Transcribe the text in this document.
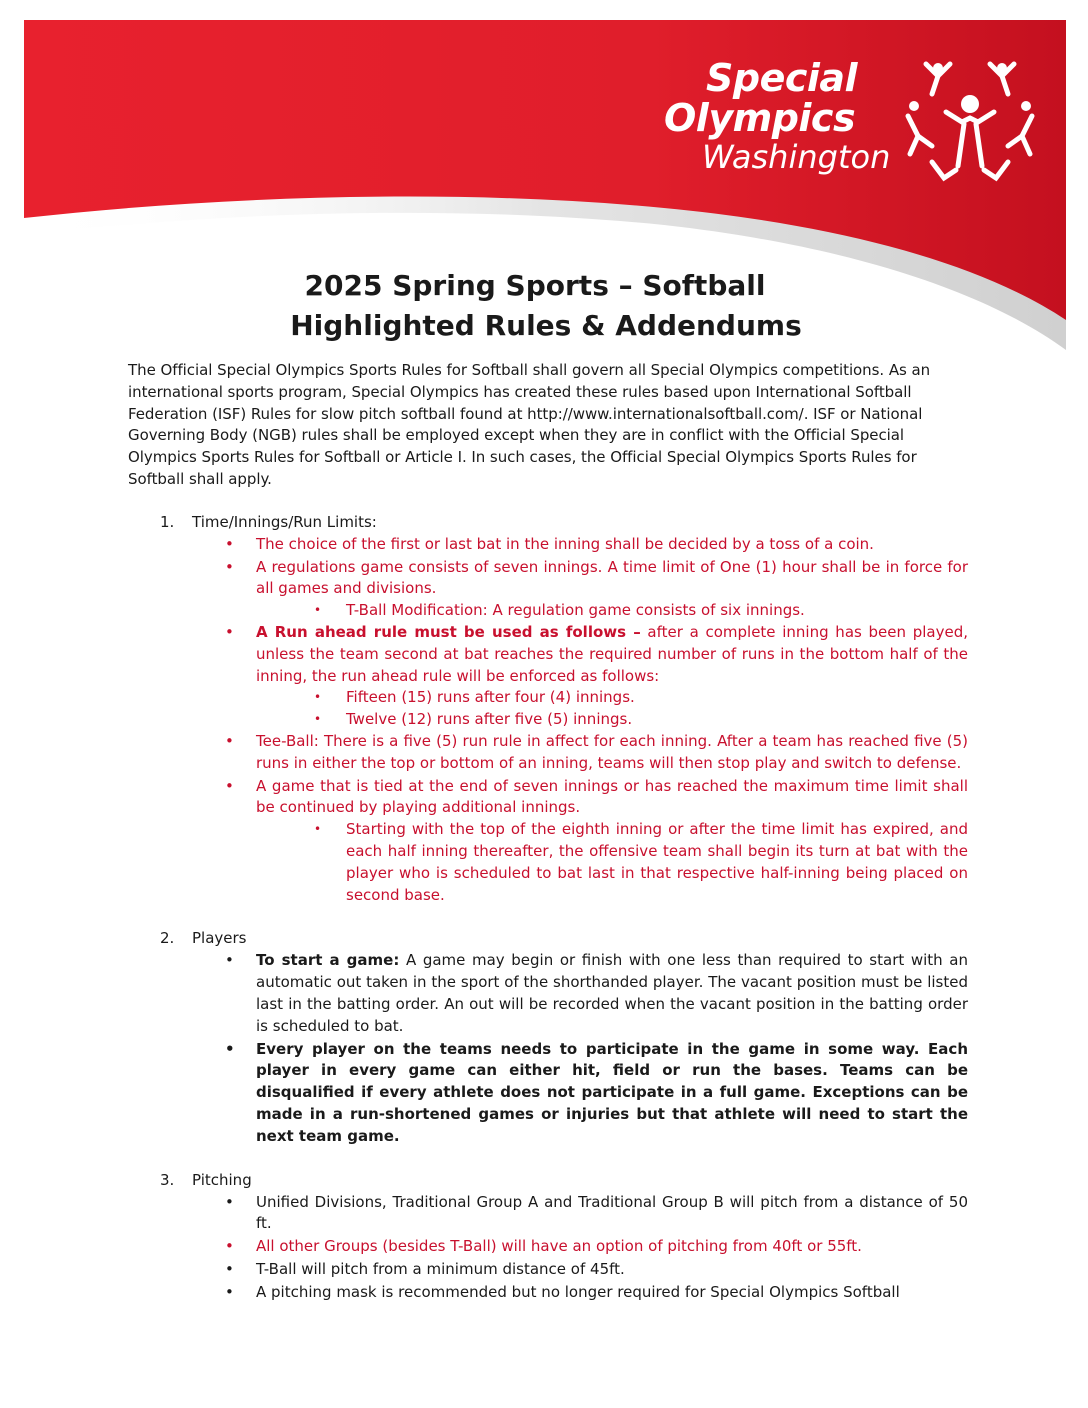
Special
Olympics
Washington
2025 Spring Sports – Softball
Highlighted Rules & Addendums

The Official Special Olympics Sports Rules for Softball shall govern all Special Olympics competitions. As an international sports program, Special Olympics has created these rules based upon International Softball Federation (ISF) Rules for slow pitch softball found at http://www.internationalsoftball.com/. ISF or National Governing Body (NGB) rules shall be employed except when they are in conflict with the Official Special Olympics Sports Rules for Softball or Article I. In such cases, the Official Special Olympics Sports Rules for Softball shall apply.

1. Time/Innings/Run Limits:
• The choice of the first or last bat in the inning shall be decided by a toss of a coin.
• A regulations game consists of seven innings. A time limit of One (1) hour shall be in force for all games and divisions.
• T-Ball Modification: A regulation game consists of six innings.
• A Run ahead rule must be used as follows – after a complete inning has been played, unless the team second at bat reaches the required number of runs in the bottom half of the inning, the run ahead rule will be enforced as follows:
• Fifteen (15) runs after four (4) innings.
• Twelve (12) runs after five (5) innings.
• Tee-Ball: There is a five (5) run rule in affect for each inning. After a team has reached five (5) runs in either the top or bottom of an inning, teams will then stop play and switch to defense.
• A game that is tied at the end of seven innings or has reached the maximum time limit shall be continued by playing additional innings.
• Starting with the top of the eighth inning or after the time limit has expired, and each half inning thereafter, the offensive team shall begin its turn at bat with the player who is scheduled to bat last in that respective half-inning being placed on second base.
2. Players
• To start a game: A game may begin or finish with one less than required to start with an automatic out taken in the sport of the shorthanded player. The vacant position must be listed last in the batting order. An out will be recorded when the vacant position in the batting order is scheduled to bat.
• Every player on the teams needs to participate in the game in some way. Each player in every game can either hit, field or run the bases. Teams can be disqualified if every athlete does not participate in a full game. Exceptions can be made in a run-shortened games or injuries but that athlete will need to start the next team game.
3. Pitching
• Unified Divisions, Traditional Group A and Traditional Group B will pitch from a distance of 50 ft.
• All other Groups (besides T-Ball) will have an option of pitching from 40ft or 55ft.
• T-Ball will pitch from a minimum distance of 45ft.
• A pitching mask is recommended but no longer required for Special Olympics Softball
